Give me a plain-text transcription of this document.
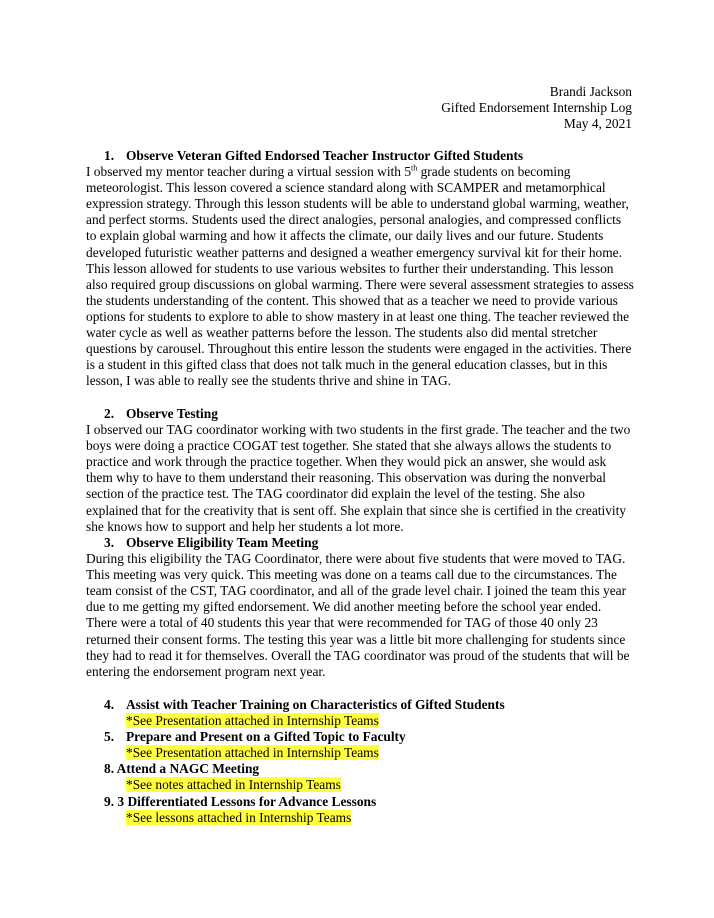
Brandi Jackson
Gifted Endorsement Internship Log
May 4, 2021
1. Observe Veteran Gifted Endorsed Teacher Instructor Gifted Students

I observed my mentor teacher during a virtual session with 5th grade students on becoming meteorologist. This lesson covered a science standard along with SCAMPER and metamorphical expression strategy. Through this lesson students will be able to understand global warming, weather, and perfect storms. Students used the direct analogies, personal analogies, and compressed conflicts to explain global warming and how it affects the climate, our daily lives and our future. Students developed futuristic weather patterns and designed a weather emergency survival kit for their home. This lesson allowed for students to use various websites to further their understanding. This lesson also required group discussions on global warming. There were several assessment strategies to assess the students understanding of the content. This showed that as a teacher we need to provide various options for students to explore to able to show mastery in at least one thing. The teacher reviewed the water cycle as well as weather patterns before the lesson. The students also did mental stretcher questions by carousel. Throughout this entire lesson the students were engaged in the activities. There is a student in this gifted class that does not talk much in the general education classes, but in this lesson, I was able to really see the students thrive and shine in TAG.

2. Observe Testing

I observed our TAG coordinator working with two students in the first grade. The teacher and the two boys were doing a practice COGAT test together. She stated that she always allows the students to practice and work through the practice together. When they would pick an answer, she would ask them why to have to them understand their reasoning. This observation was during the nonverbal section of the practice test. The TAG coordinator did explain the level of the testing. She also explained that for the creativity that is sent off. She explain that since she is certified in the creativity she knows how to support and help her students a lot more.

3. Observe Eligibility Team Meeting

During this eligibility the TAG Coordinator, there were about five students that were moved to TAG. This meeting was very quick. This meeting was done on a teams call due to the circumstances. The team consist of the CST, TAG coordinator, and all of the grade level chair. I joined the team this year due to me getting my gifted endorsement. We did another meeting before the school year ended. There were a total of 40 students this year that were recommended for TAG of those 40 only 23 returned their consent forms. The testing this year was a little bit more challenging for students since they had to read it for themselves. Overall the TAG coordinator was proud of the students that will be entering the endorsement program next year.

4. Assist with Teacher Training on Characteristics of Gifted Students
*See Presentation attached in Internship Teams
5. Prepare and Present on a Gifted Topic to Faculty
*See Presentation attached in Internship Teams
8. Attend a NAGC Meeting
*See notes attached in Internship Teams
9. 3 Differentiated Lessons for Advance Lessons
*See lessons attached in Internship Teams
